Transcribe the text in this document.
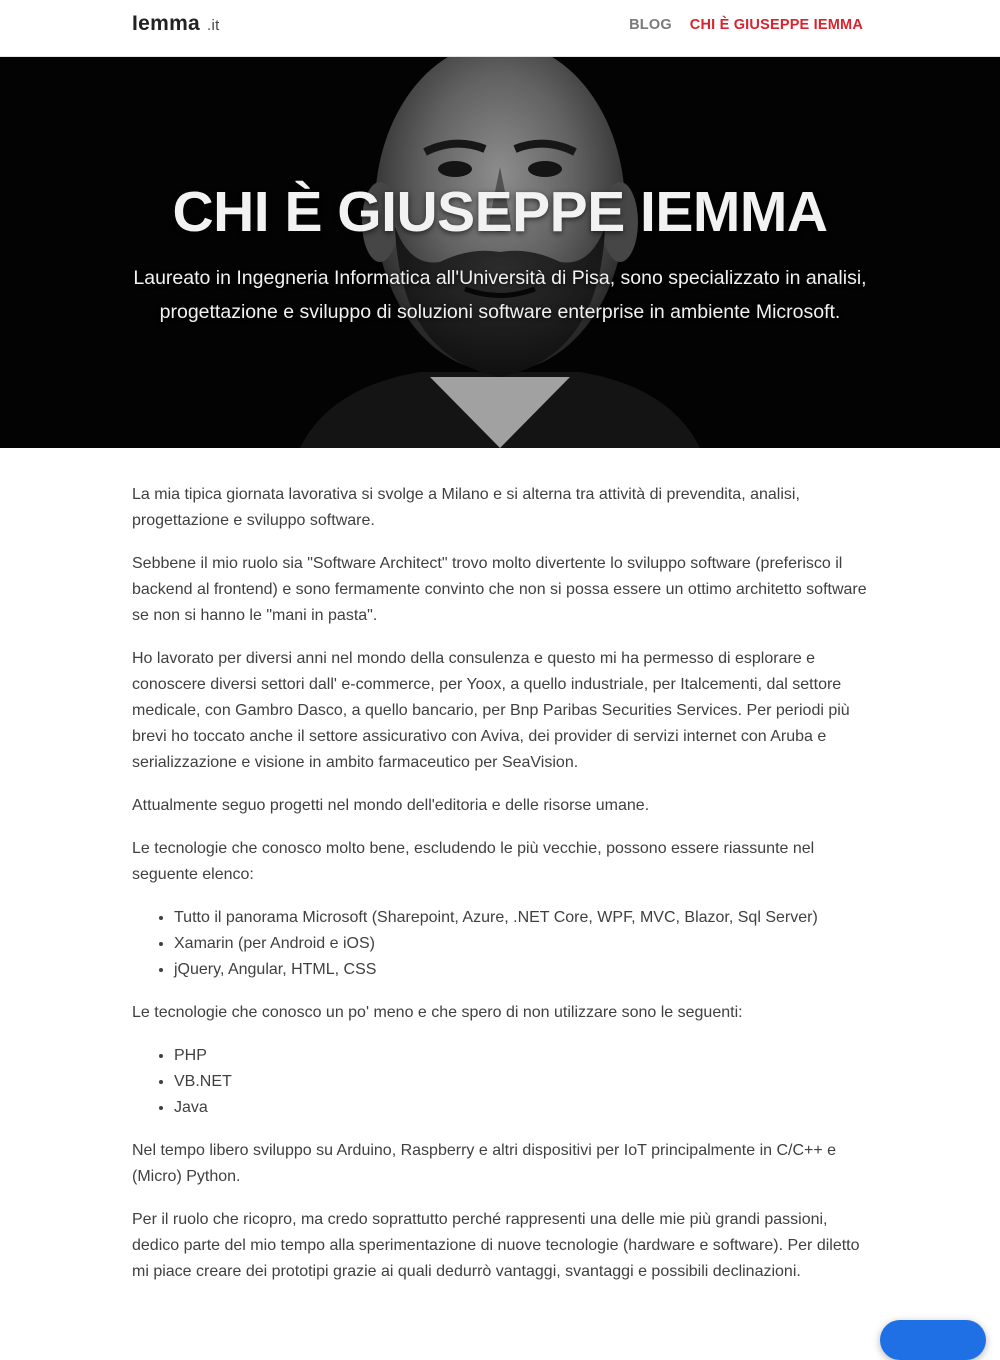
Iemma .it	BLOG CHI È GIUSEPPE IEMMA
CHI È GIUSEPPE IEMMA

Laureato in Ingegneria Informatica all'Università di Pisa, sono specializzato in analisi, progettazione e sviluppo di soluzioni software enterprise in ambiente Microsoft.

La mia tipica giornata lavorativa si svolge a Milano e si alterna tra attività di prevendita, analisi, progettazione e sviluppo software.

Sebbene il mio ruolo sia "Software Architect" trovo molto divertente lo sviluppo software (preferisco il backend al frontend) e sono fermamente convinto che non si possa essere un ottimo architetto software se non si hanno le "mani in pasta".

Ho lavorato per diversi anni nel mondo della consulenza e questo mi ha permesso di esplorare e conoscere diversi settori dall' e-commerce, per Yoox, a quello industriale, per Italcementi, dal settore medicale, con Gambro Dasco, a quello bancario, per Bnp Paribas Securities Services. Per periodi più brevi ho toccato anche il settore assicurativo con Aviva, dei provider di servizi internet con Aruba e serializzazione e visione in ambito farmaceutico per SeaVision.

Attualmente seguo progetti nel mondo dell'editoria e delle risorse umane.

Le tecnologie che conosco molto bene, escludendo le più vecchie, possono essere riassunte nel seguente elenco:

• Tutto il panorama Microsoft (Sharepoint, Azure, .NET Core, WPF, MVC, Blazor, Sql Server)
• Xamarin (per Android e iOS)
• jQuery, Angular, HTML, CSS

Le tecnologie che conosco un po' meno e che spero di non utilizzare sono le seguenti:

• PHP
• VB.NET
• Java

Nel tempo libero sviluppo su Arduino, Raspberry e altri dispositivi per IoT principalmente in C/C++ e (Micro) Python.

Per il ruolo che ricopro, ma credo soprattutto perché rappresenti una delle mie più grandi passioni, dedico parte del mio tempo alla sperimentazione di nuove tecnologie (hardware e software). Per diletto mi piace creare dei prototipi grazie ai quali dedurrò vantaggi, svantaggi e possibili declinazioni.
